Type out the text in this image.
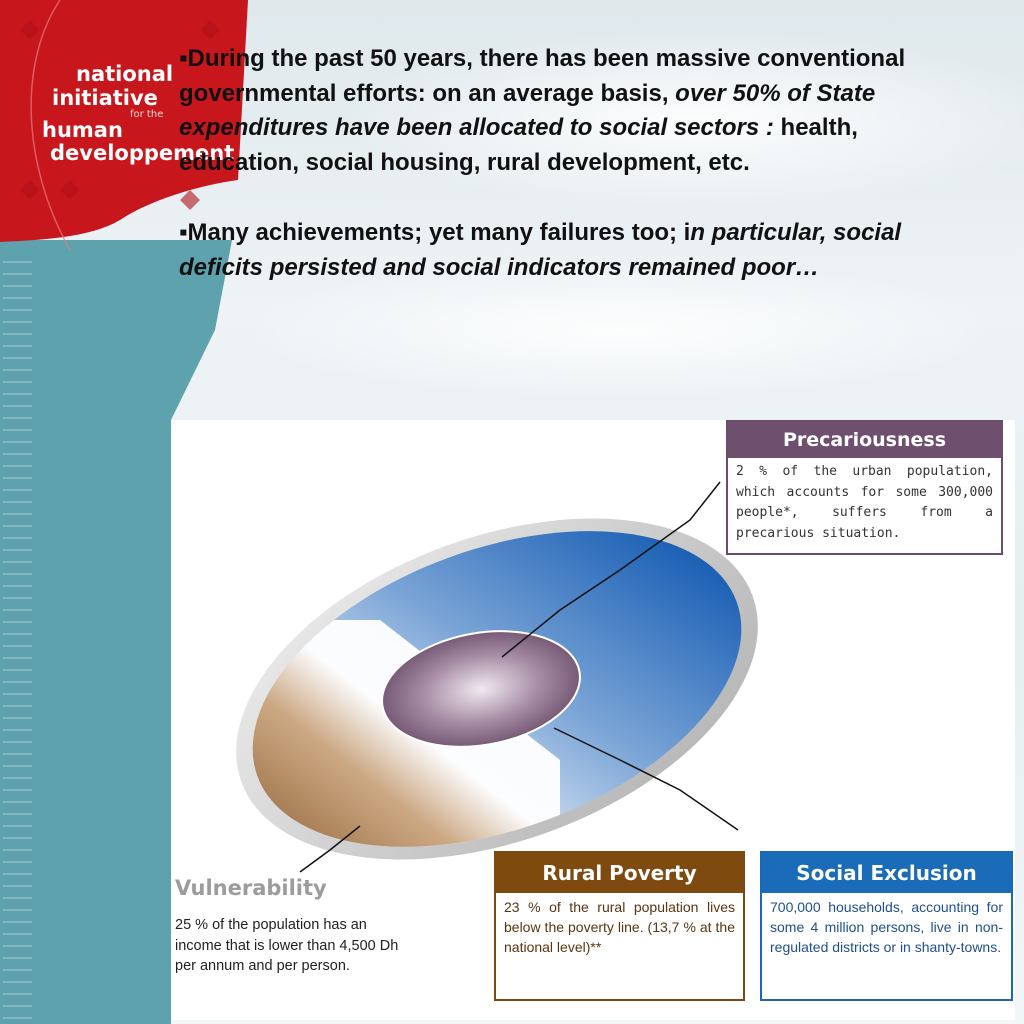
national
initiative
for the
human
developpement

▪During the past 50 years, there has been massive conventional governmental efforts: on an average basis, over 50% of State expenditures have been allocated to social sectors : health, education, social housing, rural development, etc.

▪Many achievements; yet many failures too; in particular, social deficits persisted and social indicators remained poor…

Precariousness
2 % of the urban population, which accounts for some 300,000 people*, suffers from a precarious situation.
Rural Poverty
23 % of the rural population lives below the poverty line. (13,7 % at the national level)**
Social Exclusion
700,000 households, accounting for some 4 million persons, live in non-regulated districts or in shanty-towns.
Vulnerability
25 % of the population has an income that is lower than 4,500 Dh per annum and per person.
